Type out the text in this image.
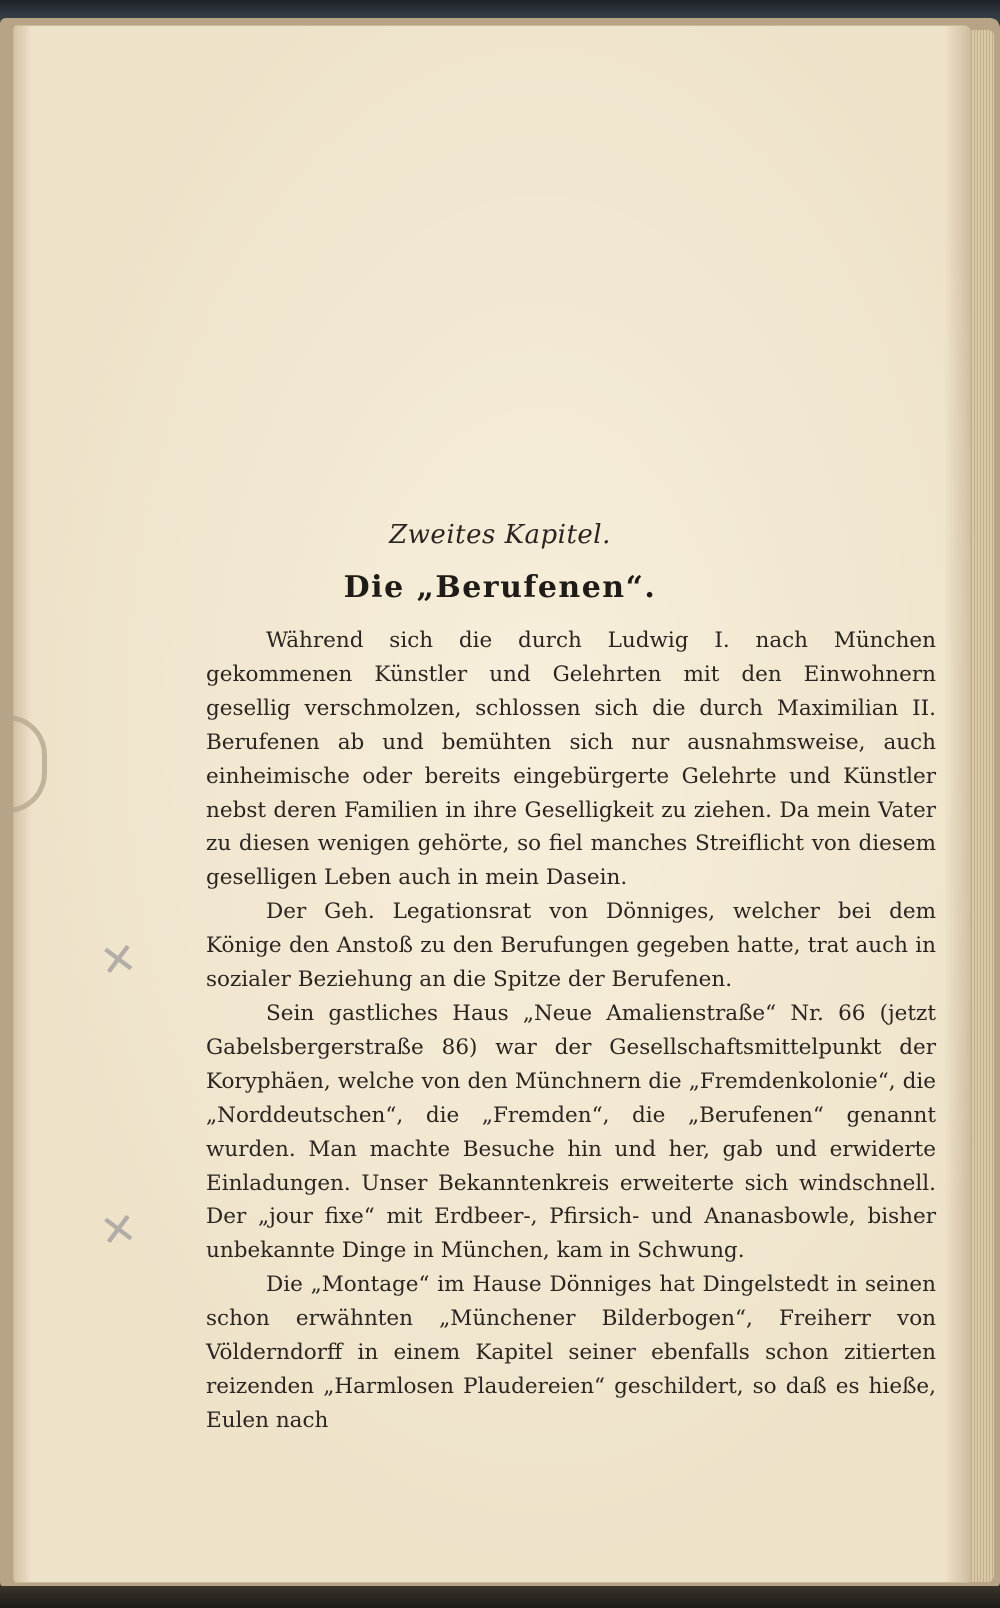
Zweites Kapitel.
Die „Berufenen“.

Während sich die durch Ludwig I. nach München gekommenen Künstler und Gelehrten mit den Einwohnern gesellig verschmolzen, schlossen sich die durch Maximilian II. Berufenen ab und bemühten sich nur ausnahmsweise, auch einheimische oder bereits eingebürgerte Gelehrte und Künstler nebst deren Familien in ihre Geselligkeit zu ziehen. Da mein Vater zu diesen wenigen gehörte, so fiel manches Streiflicht von diesem geselligen Leben auch in mein Dasein.

Der Geh. Legationsrat von Dönniges, welcher bei dem Könige den Anstoß zu den Berufungen gegeben hatte, trat auch in sozialer Beziehung an die Spitze der Berufenen.

Sein gastliches Haus „Neue Amalienstraße“ Nr. 66 (jetzt Gabelsbergerstraße 86) war der Gesellschaftsmittelpunkt der Koryphäen, welche von den Münchnern die „Fremdenkolonie“, die „Norddeutschen“, die „Fremden“, die „Berufenen“ genannt wurden. Man machte Besuche hin und her, gab und erwiderte Einladungen. Unser Bekanntenkreis erweiterte sich windschnell. Der „jour fixe“ mit Erdbeer-, Pfirsich- und Ananasbowle, bisher unbekannte Dinge in München, kam in Schwung.

Die „Montage“ im Hause Dönniges hat Dingelstedt in seinen schon erwähnten „Münchener Bilderbogen“, Freiherr von Völderndorff in einem Kapitel seiner ebenfalls schon zitierten reizenden „Harmlosen Plaudereien“ geschildert, so daß es hieße, Eulen nach

✕
✕
